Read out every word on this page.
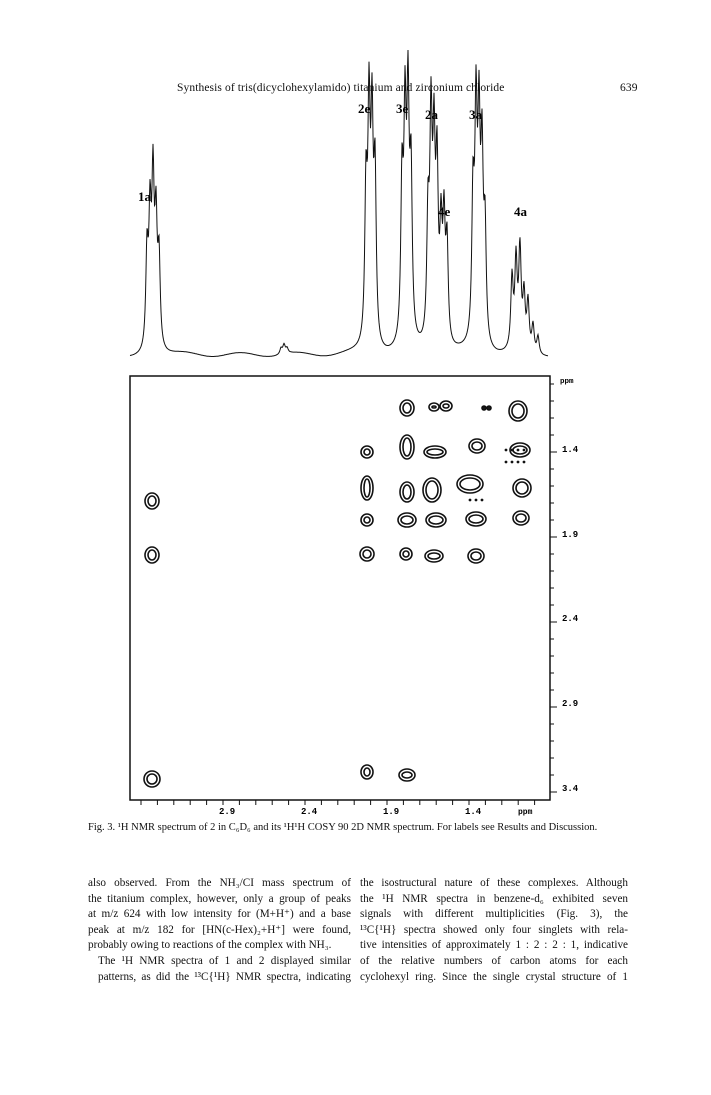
Synthesis of tris(dicyclohexylamido) titanium and zirconium chloride	639
1a
2e 3e 2a 3a
4e	4a
ppm
1.4
1.9
2.4
2.9
3.4
2.9	2.4	1.9	1.4	ppm
Fig. 3. ¹H NMR spectrum of 2 in C₆D₆ and its ¹H¹H COSY 90 2D NMR spectrum. For labels see Results and Discussion.

also observed. From the NH₃/CI mass spectrum of
the titanium complex, however, only a group of peaks
at m/z 624 with low intensity for (M+H⁺) and a base
peak at m/z 182 for [HN(c-Hex)₂+H⁺] were found,
probably owing to reactions of the complex with NH₃.

The ¹H NMR spectra of 1 and 2 displayed similar
patterns, as did the ¹³C{¹H} NMR spectra, indicating

the isostructural nature of these complexes. Although
the ¹H NMR spectra in benzene-d₆ exhibited seven
signals with different multiplicities (Fig. 3), the
¹³C{¹H} spectra showed only four singlets with rela-
tive intensities of approximately 1 : 2 : 2 : 1, indicative
of the relative numbers of carbon atoms for each
cyclohexyl ring. Since the single crystal structure of 1
